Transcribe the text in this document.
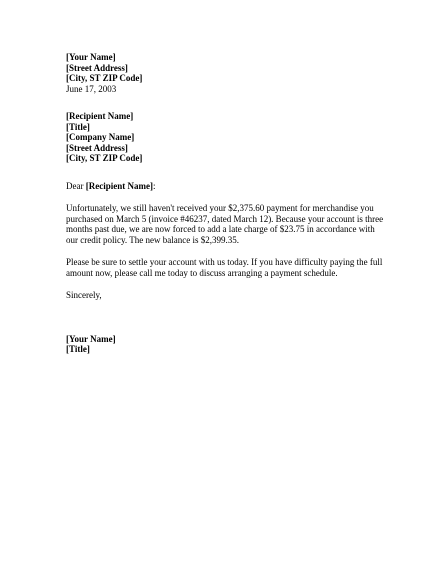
[Your Name]
[Street Address]
[City, ST ZIP Code]
June 17, 2003
[Recipient Name]
[Title]
[Company Name]
[Street Address]
[City, ST ZIP Code]
Dear [Recipient Name]:
Unfortunately, we still haven't received your $2,375.60 payment for merchandise you purchased on March 5 (invoice #46237, dated March 12). Because your account is three months past due, we are now forced to add a late charge of $23.75 in accordance with our credit policy. The new balance is $2,399.35.
Please be sure to settle your account with us today. If you have difficulty paying the full amount now, please call me today to discuss arranging a payment schedule.
Sincerely,
[Your Name]
[Title]
